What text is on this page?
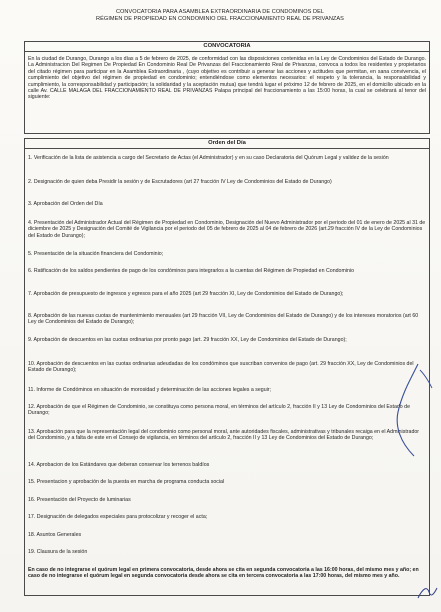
CONVOCATORIA PARA ASAMBLEA EXTRAORDINARIA DE CONDOMINOS DEL
RÉGIMEN DE PROPIEDAD EN CONDOMINIO DEL FRACCIONAMIENTO REAL DE PRIVANZAS
CONVOCATORIA
En la ciudad de Durango, Durango a los días a 5 de febrero de 2025, de conformidad con las disposiciones contenidas en la Ley de Condominios del Estado de Durango. La Administracion Del Regimen De Propiedad En Condominio Real De Privanzas del Fraccionamiento Real de Privanzas, convoca a todos los residentes y propietarios del citado régimen para participar en la Asamblea Extraordinaria , (cuyo objetivo es contribuir a generar las acciones y actitudes que permitan, en sana convivencia, el cumplimiento del objetivo del régimen de propiedad en condominio; entendiéndose como elementos necesarios: el respeto y la tolerancia, la responsabilidad y cumplimiento, la corresponsabilidad y participación; la solidaridad y la aceptación mutua) que tendrá lugar el próximo 12 de febrero de 2025, en el domicilio ubicado en la calle Av. CALLE MALAGA DEL FRACCIONAMIENTO REAL DE PRIVANZAS Palapa principal del fraccionamiento a las 15:00 horas, la cual se celebrará al tenor del siguiente:
Orden del Día
1. Verificación de la lista de asistencia a cargo del Secretario de Actas (el Administrador) y en su caso Declaratoria del Quórum Legal y validez de la sesión
2. Designación de quien deba Presidir la sesión y de Escrutadores (art 27 fracción IV Ley de Condominios del Estado de Durango)
3. Aprobación del Orden del Día
4. Presentación del Administrador Actual del Régimen de Propiedad en Condominio, Designación del Nuevo Administrador por el periodo del 01 de enero de 2025 al 31 de diciembre de 2025 y Designación del Comité de Vigilancia por el periodo del 05 de febrero de 2025 al 04 de febrero de 2026 (art.29 fracción IV de la Ley de Condominios del Estado de Durango);
5. Presentación de la situación financiera del Condominio;
6. Ratificación de los saldos pendientes de pago de los condóminos para integrarlos a la cuentas del Régimen de Propiedad en Condominio
7. Aprobación de presupuesto de ingresos y egresos para el año 2025 (art 29 fracción XI, Ley de Condominios del Estado de Durango);
8. Aprobación de las nuevas cuotas de mantenimiento mensuales (art 29 fracción VII, Ley de Condominios del Estado de Durango) y de los intereses moratorios (art 60 Ley de Condominios del Estado de Durango);
9. Aprobación de descuentos en las cuotas ordinarias por pronto pago (art. 29 fracción XX, Ley de Condominios del Estado de Durango);
10. Aprobación de descuentos en las cuotas ordinarias adeudadas de los condóminos que suscriban convenios de pago (art. 29 fracción XX, Ley de Condominios del Estado de Durango);
11. Informe de Condóminos en situación de morosidad y determinación de las acciones legales a seguir;
12. Aprobación de que el Régimen de Condominio, se constituya como persona moral, en términos del artículo 2, fracción II y 13 Ley de Condominios del Estado de Durango;
13. Aprobación para que la representación legal del condominio como personal moral, ante autoridades fiscales, administrativas y tribunales recaiga en el Administrador del Condominio, y a falta de este en el Consejo de vigilancia, en términos del artículo 2, fracción II y 13 Ley de Condominios del Estado de Durango;
14. Aprobacion de los Estándares que deberan conservar los terrenos baldíos
15. Presentacion y aprobación de la puesta en marcha de programa conducta social
16. Presentación del Proyecto de luminarias
17. Designación de delegados especiales para protocolizar y recoger el acta;
18. Asuntos Generales
19. Clausura de la sesión
En caso de no integrarse el quórum legal en primera convocatoria, desde ahora se cita en segunda convocatoria a las 16:00 horas, del mismo mes y año; en caso de no integrarse el quórum legal en segunda convocatoria desde ahora se cita en tercera convocatoria a las 17:00 horas, del mismo mes y año.
